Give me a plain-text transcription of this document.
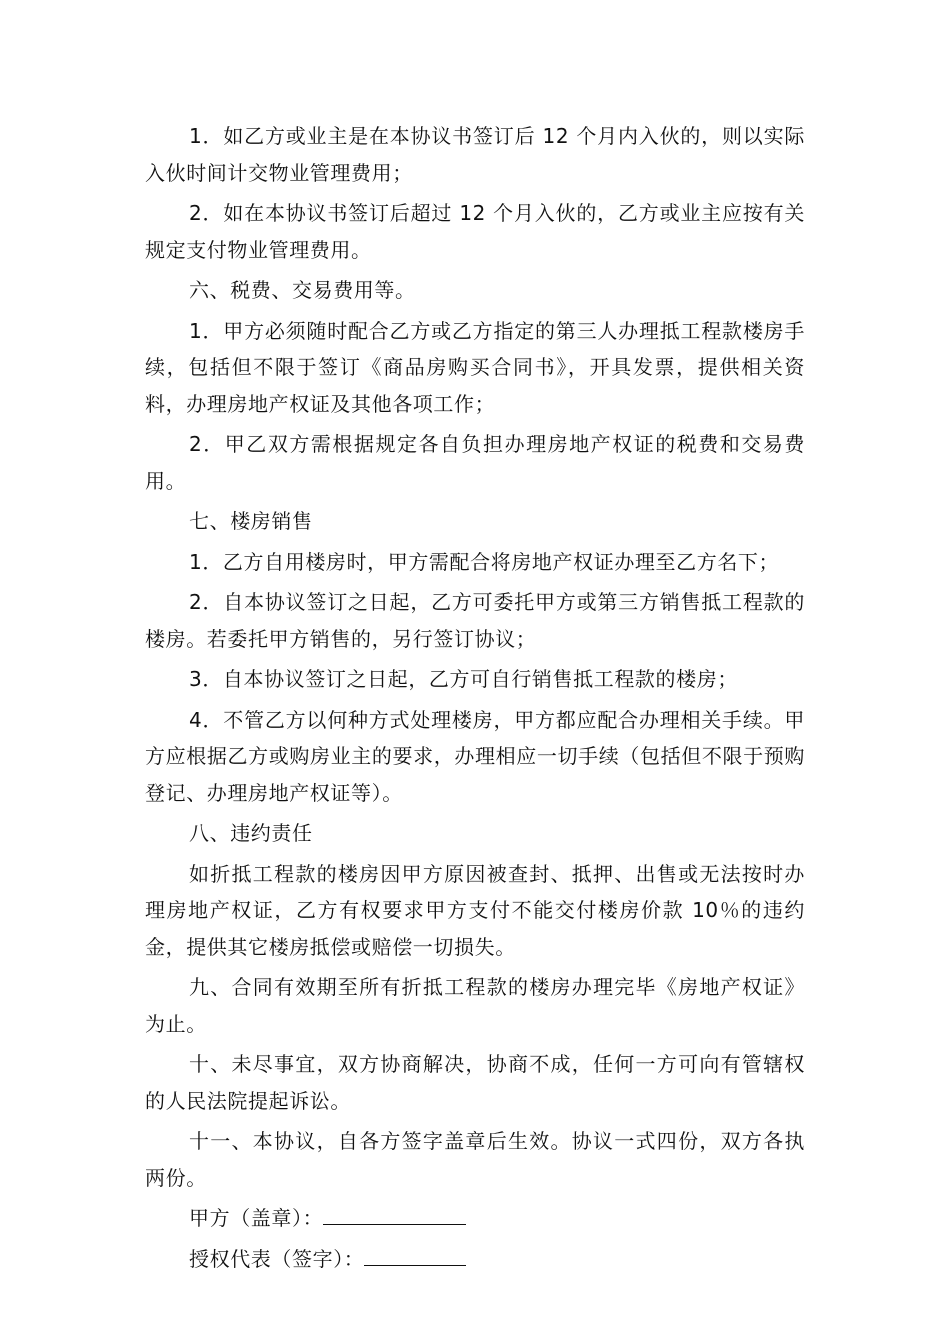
1．如乙方或业主是在本协议书签订后 12 个月内入伙的，则以实际入伙时间计交物业管理费用；

2．如在本协议书签订后超过 12 个月入伙的，乙方或业主应按有关规定支付物业管理费用。

六、税费、交易费用等。

1．甲方必须随时配合乙方或乙方指定的第三人办理抵工程款楼房手续，包括但不限于签订《商品房购买合同书》，开具发票，提供相关资料，办理房地产权证及其他各项工作；

2．甲乙双方需根据规定各自负担办理房地产权证的税费和交易费用。

七、楼房销售

1．乙方自用楼房时，甲方需配合将房地产权证办理至乙方名下；

2．自本协议签订之日起，乙方可委托甲方或第三方销售抵工程款的楼房。若委托甲方销售的，另行签订协议；

3．自本协议签订之日起，乙方可自行销售抵工程款的楼房；

4．不管乙方以何种方式处理楼房，甲方都应配合办理相关手续。甲方应根据乙方或购房业主的要求，办理相应一切手续（包括但不限于预购登记、办理房地产权证等）。

八、违约责任

如折抵工程款的楼房因甲方原因被查封、抵押、出售或无法按时办理房地产权证，乙方有权要求甲方支付不能交付楼房价款 10％的违约金，提供其它楼房抵偿或赔偿一切损失。

九、合同有效期至所有折抵工程款的楼房办理完毕《房地产权证》为止。

十、未尽事宜，双方协商解决，协商不成，任何一方可向有管辖权的人民法院提起诉讼。

十一、本协议，自各方签字盖章后生效。协议一式四份，双方各执两份。

甲方（盖章）：

授权代表（签字）：
